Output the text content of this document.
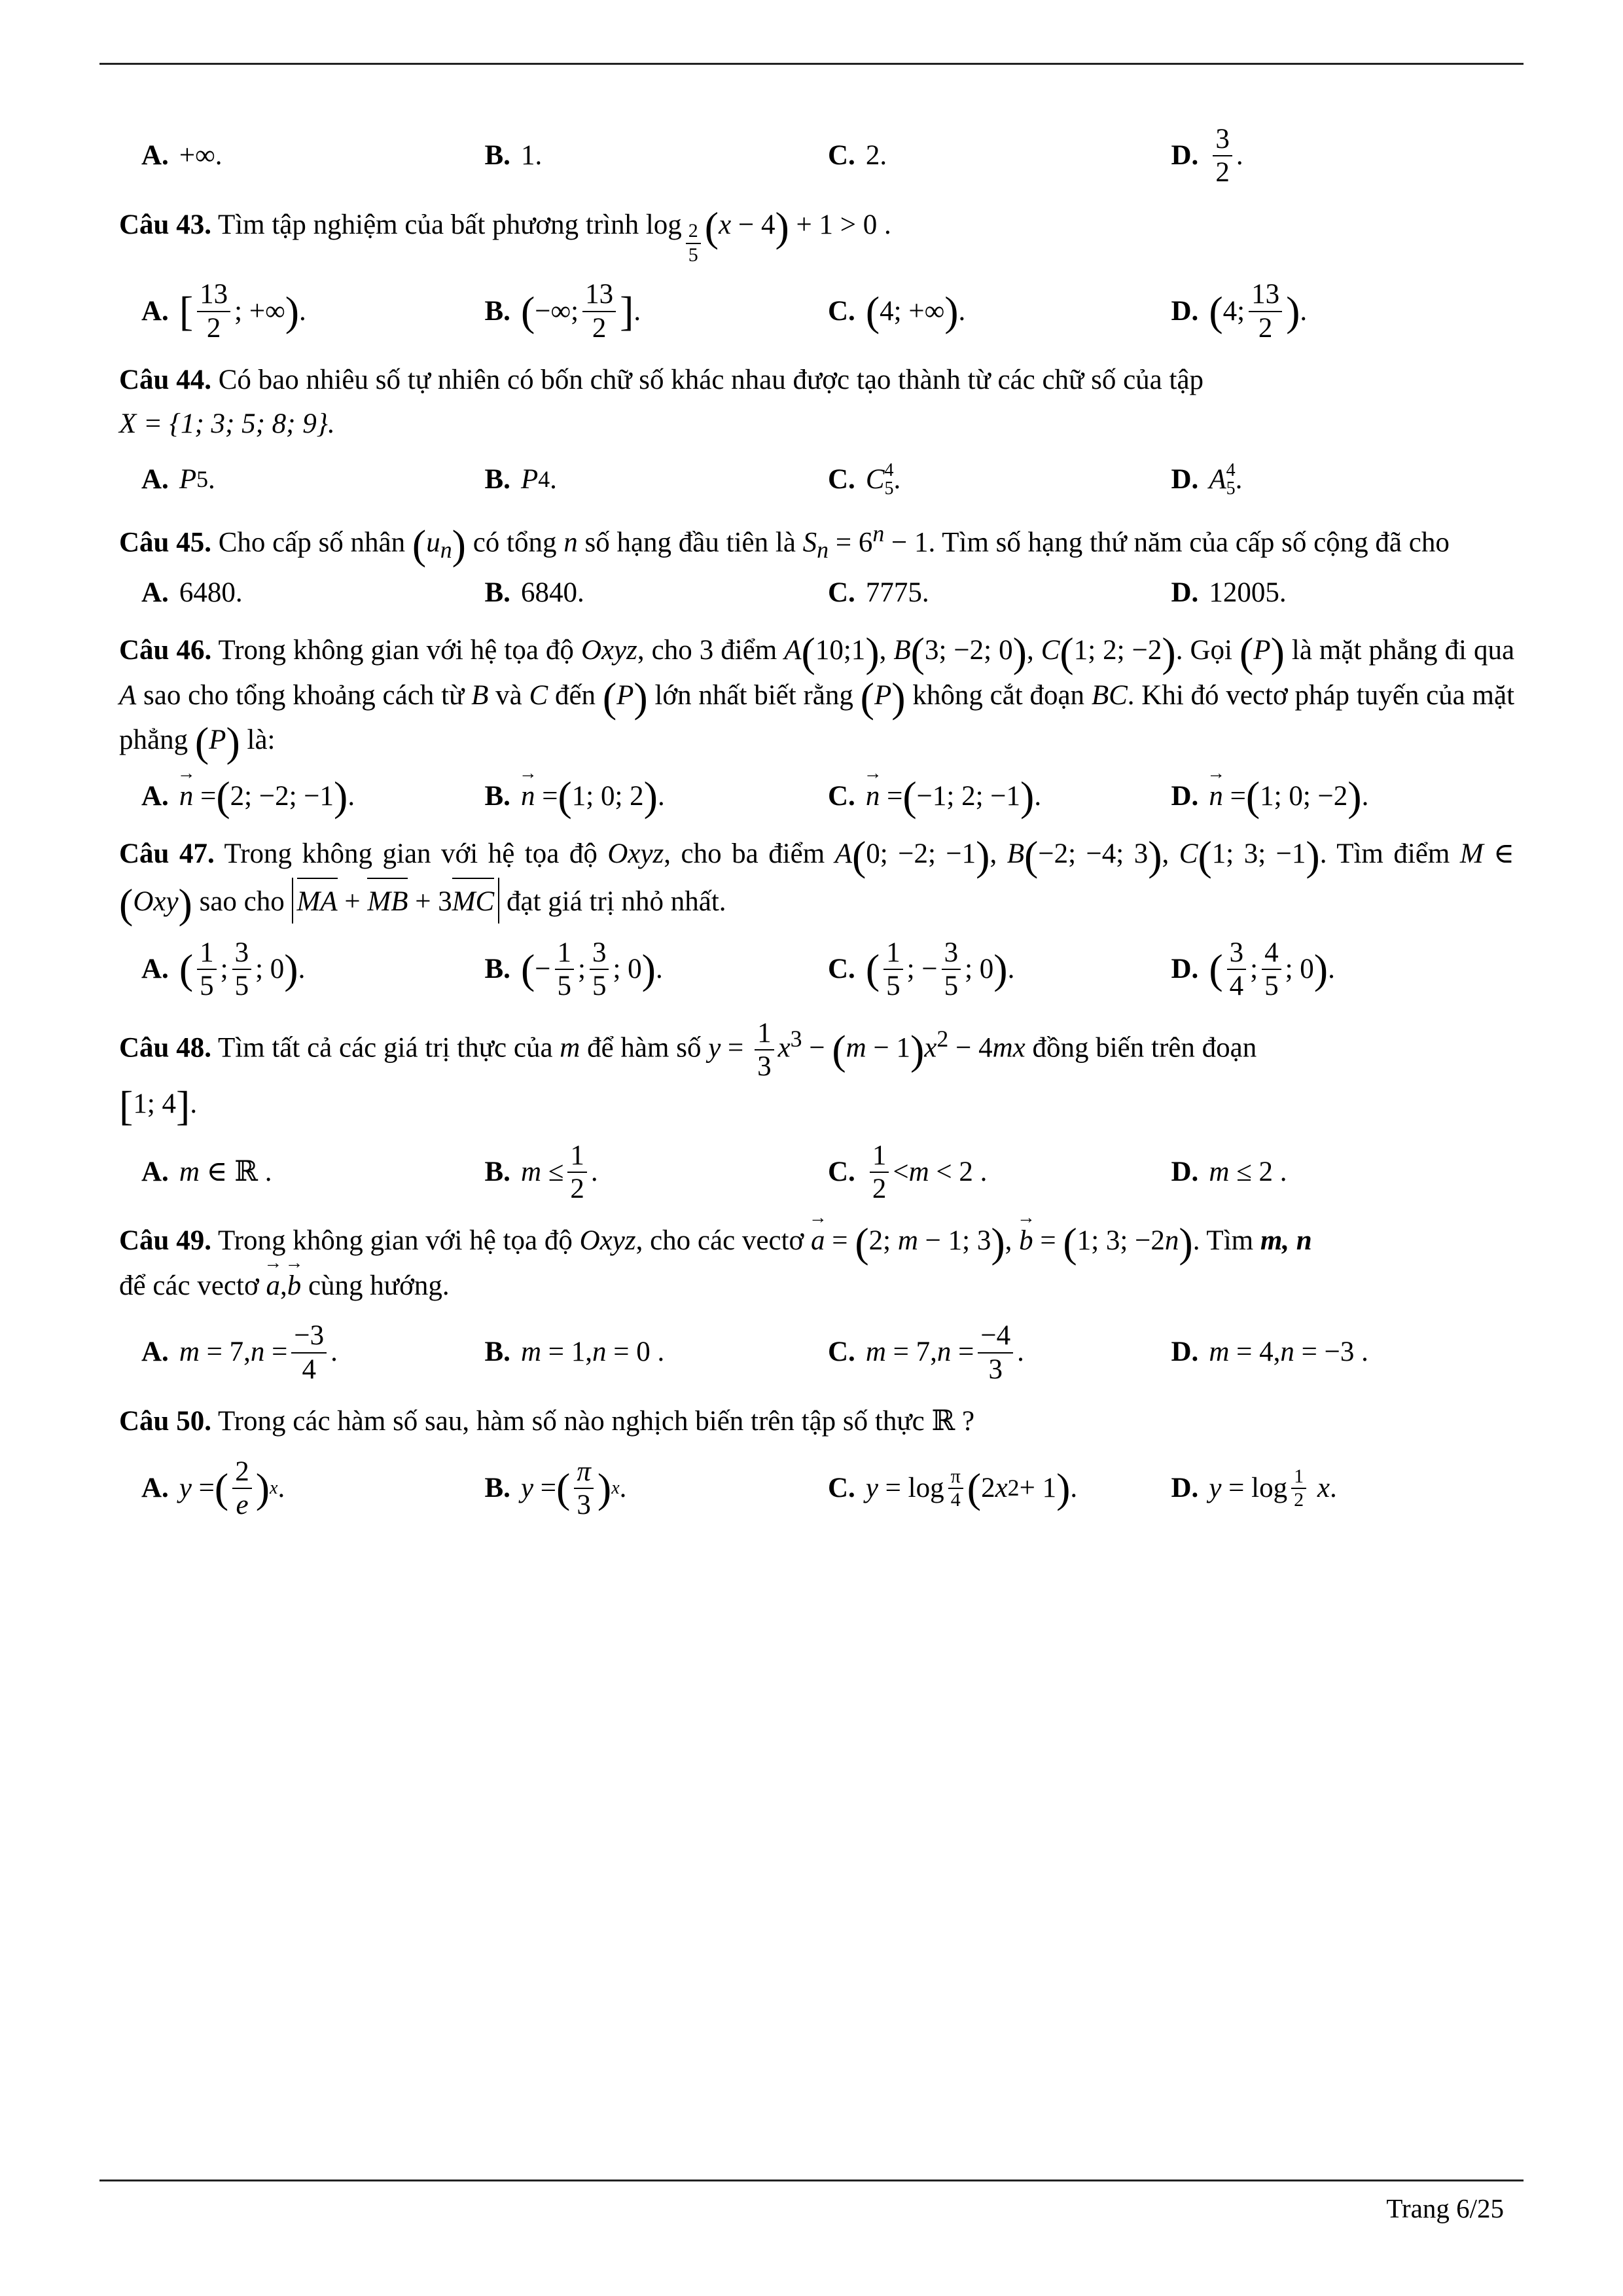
A. +∞.	B. 1.	C. 2.	D. $\frac{3}{2}$ .

Câu 43. Tìm tập nghiệm của bất phương trình log $_{\frac{2}{5}}$ (x − 4) + 1 > 0 .

A. [ $\frac{13}{2}$ ; +∞ ) .	B. ( −∞; $\frac{13}{2}$ ] .	C. ( 4; +∞ ) .	D. ( 4; $\frac{13}{2}$ ) .

Câu 44. Có bao nhiêu số tự nhiên có bốn chữ số khác nhau được tạo thành từ các chữ số của tập
X = {1; 3; 5; 8; 9}.

A. P 5 .	B. P 4 .	C. C 4
5 .	D. A 4
5 .

Câu 45. Cho cấp số nhân $(u_n)$ có tổng n số hạng đầu tiên là $S_n = 6^n - 1$. Tìm số hạng thứ năm của cấp số cộng đã cho

A. 6480.	B. 6840.	C. 7775.	D. 12005.

Câu 46. Trong không gian với hệ tọa độ Oxyz, cho 3 điểm A(10;1), B(3; −2; 0), C(1; 2; −2). Gọi (P) là mặt phẳng đi qua A sao cho tổng khoảng cách từ B và C đến (P) lớn nhất biết rằng (P) không cắt đoạn BC. Khi đó vectơ pháp tuyến của mặt phẳng (P) là:

A. → n = ( 2; −2; −1 ) .	B. → n = ( 1; 0; 2 ) .	C. → n = ( −1; 2; −1 ) .	D. → n = ( 1; 0; −2 ) .

Câu 47. Trong không gian với hệ tọa độ Oxyz, cho ba điểm A(0; −2; −1), B(−2; −4; 3), C(1; 3; −1). Tìm điểm M ∈ (Oxy) sao cho MA + MB + 3MC đạt giá trị nhỏ nhất.

A. ( $\frac{1}{5}$ ; $\frac{3}{5}$ ; 0 ) .	B. ( − $\frac{1}{5}$ ; $\frac{3}{5}$ ; 0 ) .	C. ( $\frac{1}{5}$ ; − $\frac{3}{5}$ ; 0 ) .	D. ( $\frac{3}{4}$ ; $\frac{4}{5}$ ; 0 ) .

Câu 48. Tìm tất cả các giá trị thực của m để hàm số $y = \frac{1}{3} x^3 - (m - 1)x^2 - 4mx$ đồng biến trên đoạn
[1; 4].

A. m ∈ ℝ .	B. $m \le \frac{1}{2}$ .	C. $\frac{1}{2} < m < 2$ .	D. m ≤ 2 .

Câu 49. Trong không gian với hệ tọa độ Oxyz, cho các vectơ → a = (2; m − 1; 3), → b = (1; 3; −2n). Tìm m, n
để các vectơ → a,→ b cùng hướng.

A. m = 7, $n = \frac{-3}{4}$ .	B. m = 1, n = 0 .	C. m = 7, $n = \frac{-4}{3}$ .	D. m = 4, n = −3 .

Câu 50. Trong các hàm số sau, hàm số nào nghịch biến trên tập số thực ℝ ?

A. y = ( $\frac{2}{e}$ ) x .	B. y = ( $\frac{\pi}{3}$ ) x .	C. $y = \log \frac{\pi}{4}$ ( 2 x 2 + 1 ) .	D. $y = \log \frac{1}{2}$
x .
Trang 6/25
